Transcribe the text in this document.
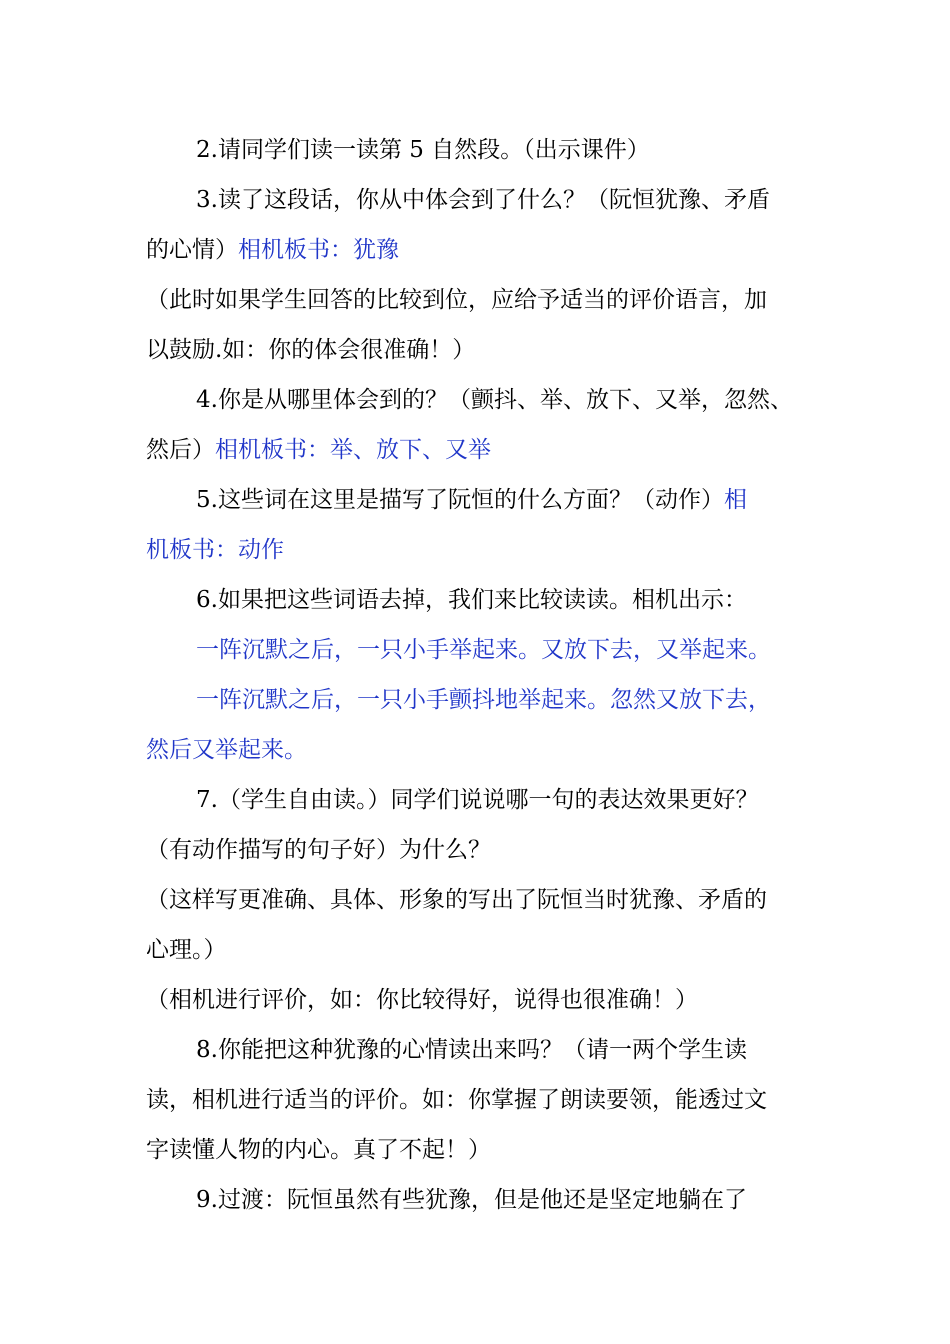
2.请同学们读一读第 5 自然段。（出示课件）
3.读了这段话，你从中体会到了什么？（阮恒犹豫、矛盾
的心情）相机板书：犹豫
（此时如果学生回答的比较到位，应给予适当的评价语言，加
以鼓励.如：你的体会很准确！）
4.你是从哪里体会到的？（颤抖、举、放下、又举，忽然、
然后）相机板书：举、放下、又举
5.这些词在这里是描写了阮恒的什么方面？（动作）相
机板书：动作
6.如果把这些词语去掉，我们来比较读读。相机出示：
一阵沉默之后，一只小手举起来。又放下去，又举起来。
一阵沉默之后，一只小手颤抖地举起来。忽然又放下去，
然后又举起来。
7.（学生自由读。）同学们说说哪一句的表达效果更好？
（有动作描写的句子好）为什么？
（这样写更准确、具体、形象的写出了阮恒当时犹豫、矛盾的
心理。）
（相机进行评价，如：你比较得好，说得也很准确！）
8.你能把这种犹豫的心情读出来吗？（请一两个学生读
读，相机进行适当的评价。如：你掌握了朗读要领，能透过文
字读懂人物的内心。真了不起！）
9.过渡：阮恒虽然有些犹豫，但是他还是坚定地躺在了
